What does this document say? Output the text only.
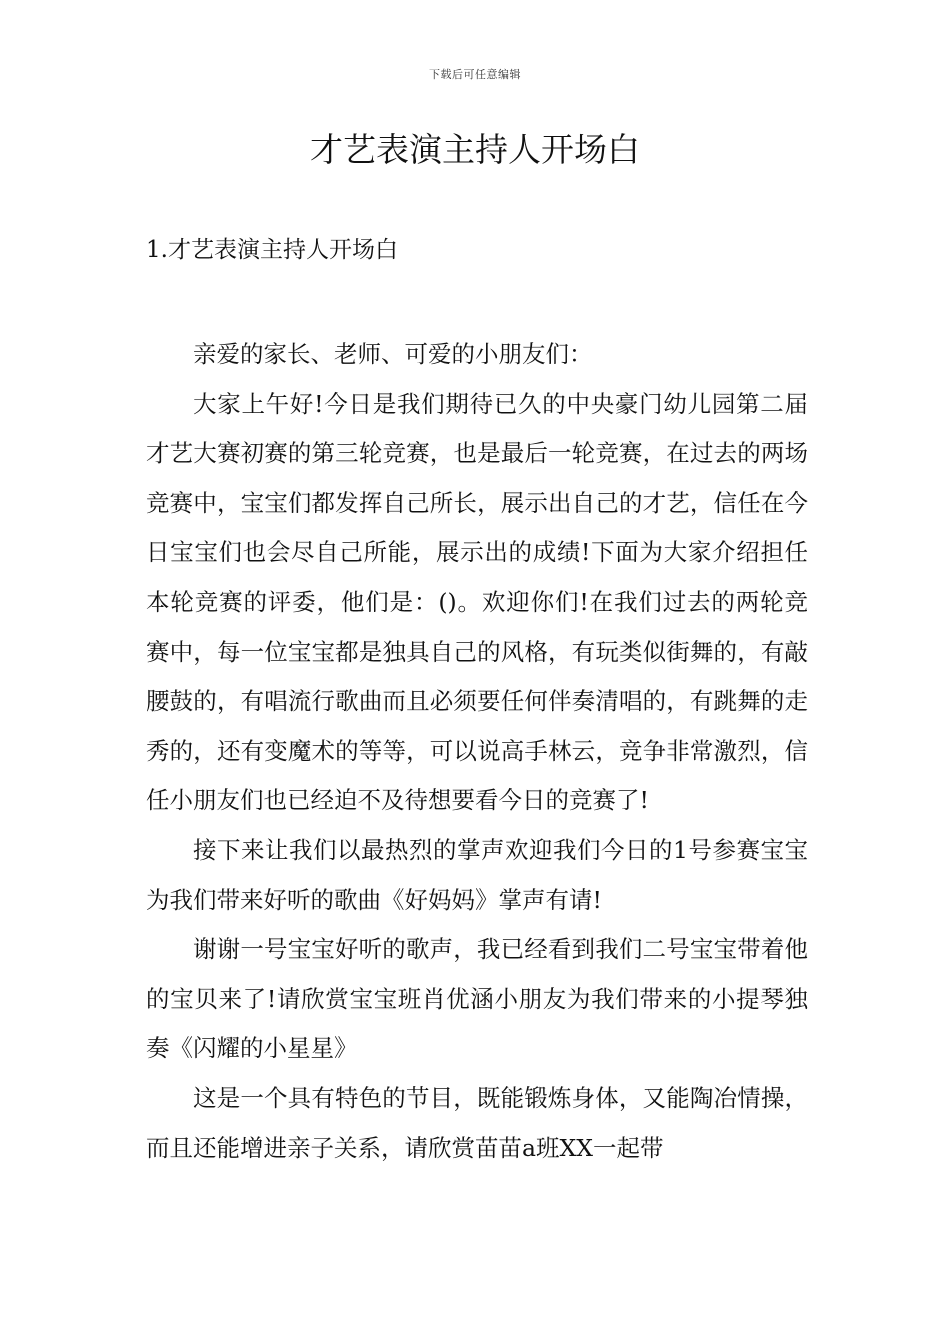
下载后可任意编辑
才艺表演主持人开场白
1.才艺表演主持人开场白

亲爱的家长、老师、可爱的小朋友们：

大家上午好!今日是我们期待已久的中央豪门幼儿园第二届才艺大赛初赛的第三轮竞赛，也是最后一轮竞赛，在过去的两场竞赛中，宝宝们都发挥自己所长，展示出自己的才艺，信任在今日宝宝们也会尽自己所能，展示出的成绩!下面为大家介绍担任本轮竞赛的评委，他们是：()。欢迎你们!在我们过去的两轮竞赛中，每一位宝宝都是独具自己的风格，有玩类似街舞的，有敲腰鼓的，有唱流行歌曲而且必须要任何伴奏清唱的，有跳舞的走秀的，还有变魔术的等等，可以说高手林云，竞争非常激烈，信任小朋友们也已经迫不及待想要看今日的竞赛了!

接下来让我们以最热烈的掌声欢迎我们今日的1号参赛宝宝为我们带来好听的歌曲《好妈妈》掌声有请!

谢谢一号宝宝好听的歌声，我已经看到我们二号宝宝带着他的宝贝来了!请欣赏宝宝班肖优涵小朋友为我们带来的小提琴独奏《闪耀的小星星》

这是一个具有特色的节目，既能锻炼身体，又能陶冶情操，而且还能增进亲子关系，请欣赏苗苗a班XX一起带
